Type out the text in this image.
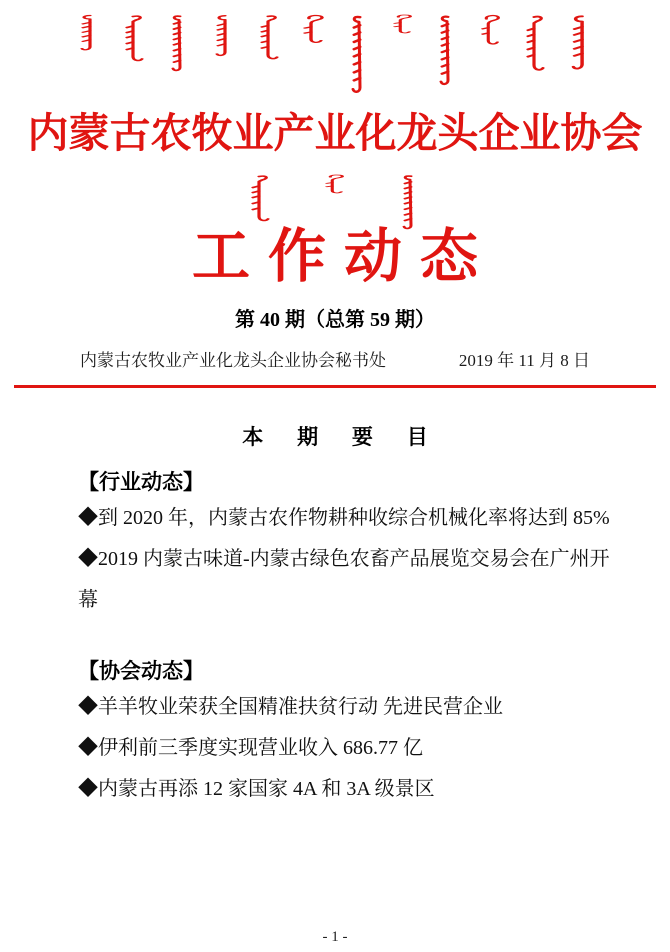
内蒙古农牧业产业化龙头企业协会
工作动态
第 40 期（总第 59 期）
内蒙古农牧业产业化龙头企业协会秘书处	2019 年 11 月 8 日
本 期 要 目
【行业动态】
◆到 2020 年，内蒙古农作物耕种收综合机械化率将达到 85%
◆2019 内蒙古味道-内蒙古绿色农畜产品展览交易会在广州开幕
【协会动态】
◆羊羊牧业荣获全国精准扶贫行动 先进民营企业
◆伊利前三季度实现营业收入 686.77 亿
◆内蒙古再添 12 家国家 4A 和 3A 级景区
- 1 -
